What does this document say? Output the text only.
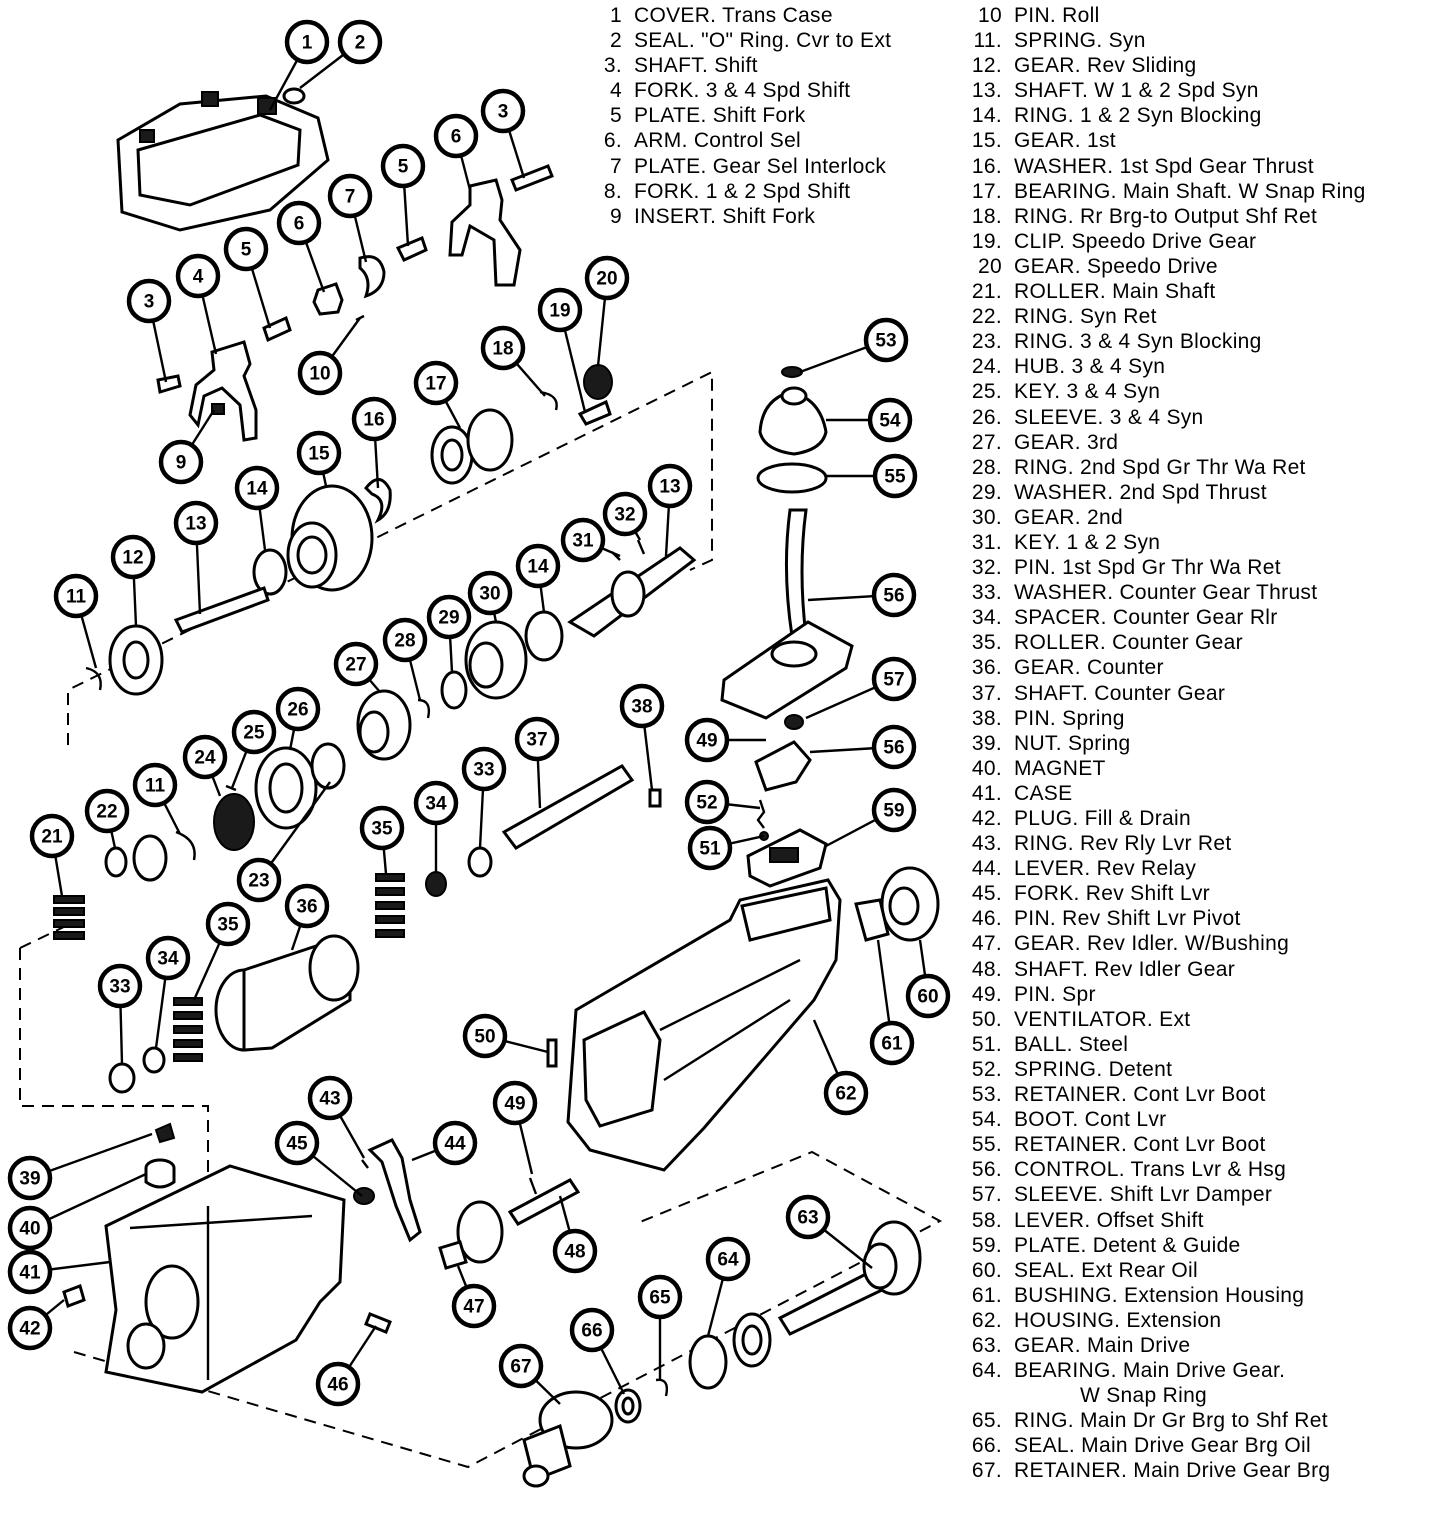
1 2
3
6
5
7
5
6
4
3
10
9
18
19
20
17
16
15
14
13
12
11
13
32
31
14
30
29
28
27
26
25
24
11
22
21
23
35
34
33
37
38
36
35
34
33
53
54
55
56
57
49	56
52	59
51
60
61
62
50
43
44
45
39
40
41
42
46
47
49
48
63
64
65
66
67
1 COVER. Trans Case
2 SEAL. "O" Ring. Cvr to Ext
3. SHAFT. Shift
4 FORK. 3 & 4 Spd Shift
5 PLATE. Shift Fork
6. ARM. Control Sel
7 PLATE. Gear Sel Interlock
8. FORK. 1 & 2 Spd Shift
9 INSERT. Shift Fork
10 PIN. Roll
11. SPRING. Syn
12. GEAR. Rev Sliding
13. SHAFT. W 1 & 2 Spd Syn
14. RING. 1 & 2 Syn Blocking
15. GEAR. 1st
16. WASHER. 1st Spd Gear Thrust
17. BEARING. Main Shaft. W Snap Ring
18. RING. Rr Brg-to Output Shf Ret
19. CLIP. Speedo Drive Gear
20 GEAR. Speedo Drive
21. ROLLER. Main Shaft
22. RING. Syn Ret
23. RING. 3 & 4 Syn Blocking
24. HUB. 3 & 4 Syn
25. KEY. 3 & 4 Syn
26. SLEEVE. 3 & 4 Syn
27. GEAR. 3rd
28. RING. 2nd Spd Gr Thr Wa Ret
29. WASHER. 2nd Spd Thrust
30. GEAR. 2nd
31. KEY. 1 & 2 Syn
32. PIN. 1st Spd Gr Thr Wa Ret
33. WASHER. Counter Gear Thrust
34. SPACER. Counter Gear Rlr
35. ROLLER. Counter Gear
36. GEAR. Counter
37. SHAFT. Counter Gear
38. PIN. Spring
39. NUT. Spring
40. MAGNET
41. CASE
42. PLUG. Fill & Drain
43. RING. Rev Rly Lvr Ret
44. LEVER. Rev Relay
45. FORK. Rev Shift Lvr
46. PIN. Rev Shift Lvr Pivot
47. GEAR. Rev Idler. W/Bushing
48. SHAFT. Rev Idler Gear
49. PIN. Spr
50. VENTILATOR. Ext
51. BALL. Steel
52. SPRING. Detent
53. RETAINER. Cont Lvr Boot
54. BOOT. Cont Lvr
55. RETAINER. Cont Lvr Boot
56. CONTROL. Trans Lvr & Hsg
57. SLEEVE. Shift Lvr Damper
58. LEVER. Offset Shift
59. PLATE. Detent & Guide
60. SEAL. Ext Rear Oil
61. BUSHING. Extension Housing
62. HOUSING. Extension
63. GEAR. Main Drive
64. BEARING. Main Drive Gear.
W Snap Ring
65. RING. Main Dr Gr Brg to Shf Ret
66. SEAL. Main Drive Gear Brg Oil
67. RETAINER. Main Drive Gear Brg
